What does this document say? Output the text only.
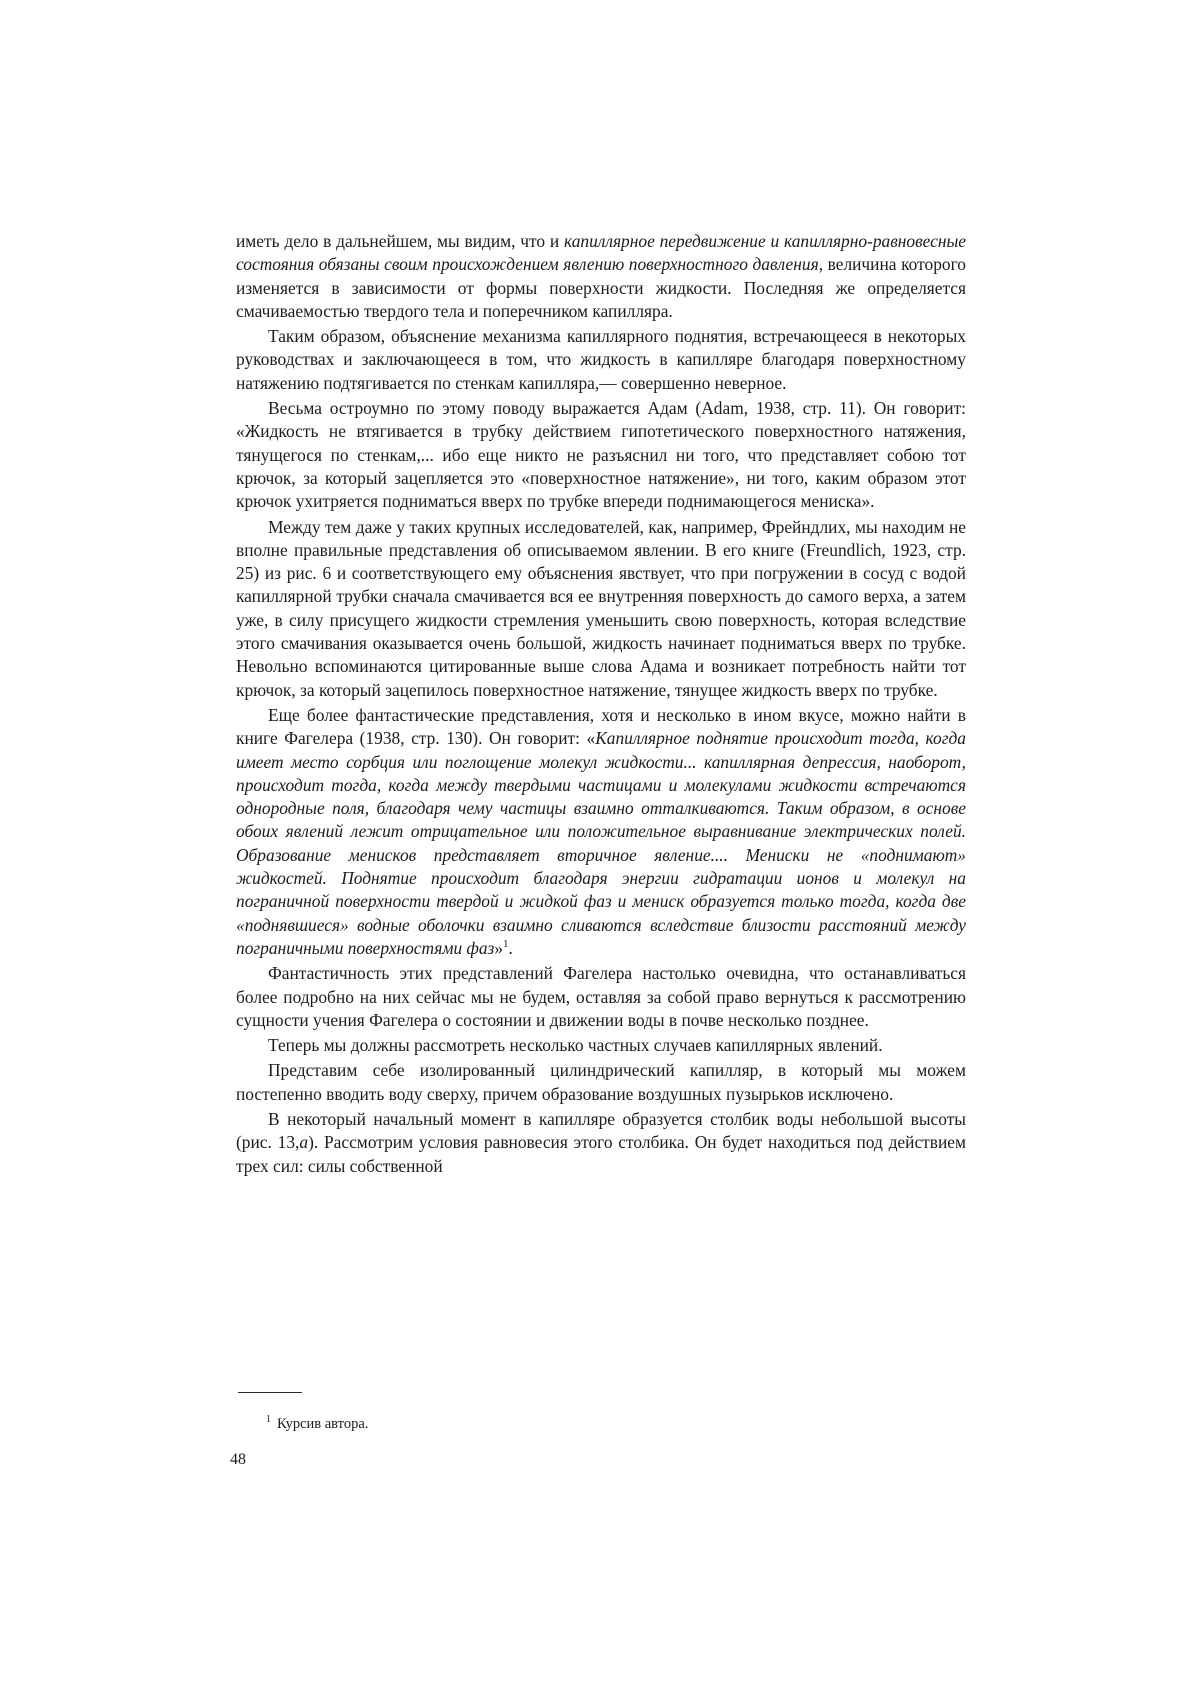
иметь дело в дальнейшем, мы видим, что и капиллярное передвижение и капиллярно-равновесные состояния обязаны своим происхождением явлению поверхностного давления, величина которого изменяется в зависимости от формы поверхности жидкости. Последняя же определяется смачиваемостью твердого тела и поперечником капилляра.

Таким образом, объяснение механизма капиллярного поднятия, встречающееся в некоторых руководствах и заключающееся в том, что жидкость в капилляре благодаря поверхностному натяжению подтягивается по стенкам капилляра,— совершенно неверное.

Весьма остроумно по этому поводу выражается Адам (Adam, 1938, стр. 11). Он говорит: «Жидкость не втягивается в трубку действием гипотетического поверхностного натяжения, тянущегося по стенкам,... ибо еще никто не разъяснил ни того, что представляет собою тот крючок, за который зацепляется это «поверхностное натяжение», ни того, каким образом этот крючок ухитряется подниматься вверх по трубке впереди поднимающегося мениска».

Между тем даже у таких крупных исследователей, как, например, Фрейндлих, мы находим не вполне правильные представления об описываемом явлении. В его книге (Freundlich, 1923, стр. 25) из рис. 6 и соответствующего ему объяснения явствует, что при погружении в сосуд с водой капиллярной трубки сначала смачивается вся ее внутренняя поверхность до самого верха, а затем уже, в силу присущего жидкости стремления уменьшить свою поверхность, которая вследствие этого смачивания оказывается очень большой, жидкость начинает подниматься вверх по трубке. Невольно вспоминаются цитированные выше слова Адама и возникает потребность найти тот крючок, за который зацепилось поверхностное натяжение, тянущее жидкость вверх по трубке.

Еще более фантастические представления, хотя и несколько в ином вкусе, можно найти в книге Фагелера (1938, стр. 130). Он говорит: «Капиллярное поднятие происходит тогда, когда имеет место сорбция или поглощение молекул жидкости... капиллярная депрессия, наоборот, происходит тогда, когда между твердыми частицами и молекулами жидкости встречаются однородные поля, благодаря чему частицы взаимно отталкиваются. Таким образом, в основе обоих явлений лежит отрицательное или положительное выравнивание электрических полей. Образование менисков представляет вторичное явление.... Мениски не «поднимают» жидкостей. Поднятие происходит благодаря энергии гидратации ионов и молекул на пограничной поверхности твердой и жидкой фаз и мениск образуется только тогда, когда две «поднявшиеся» водные оболочки взаимно сливаются вследствие близости расстояний между пограничными поверхностями фаз»$^1$.

Фантастичность этих представлений Фагелера настолько очевидна, что останавливаться более подробно на них сейчас мы не будем, оставляя за собой право вернуться к рассмотрению сущности учения Фагелера о состоянии и движении воды в почве несколько позднее.

Теперь мы должны рассмотреть несколько частных случаев капиллярных явлений.

Представим себе изолированный цилиндрический капилляр, в который мы можем постепенно вводить воду сверху, причем образование воздушных пузырьков исключено.

В некоторый начальный момент в капилляре образуется столбик воды небольшой высоты (рис. 13,a). Рассмотрим условия равновесия этого столбика. Он будет находиться под действием трех сил: силы собственной

$^1$ Курсив автора.
48
